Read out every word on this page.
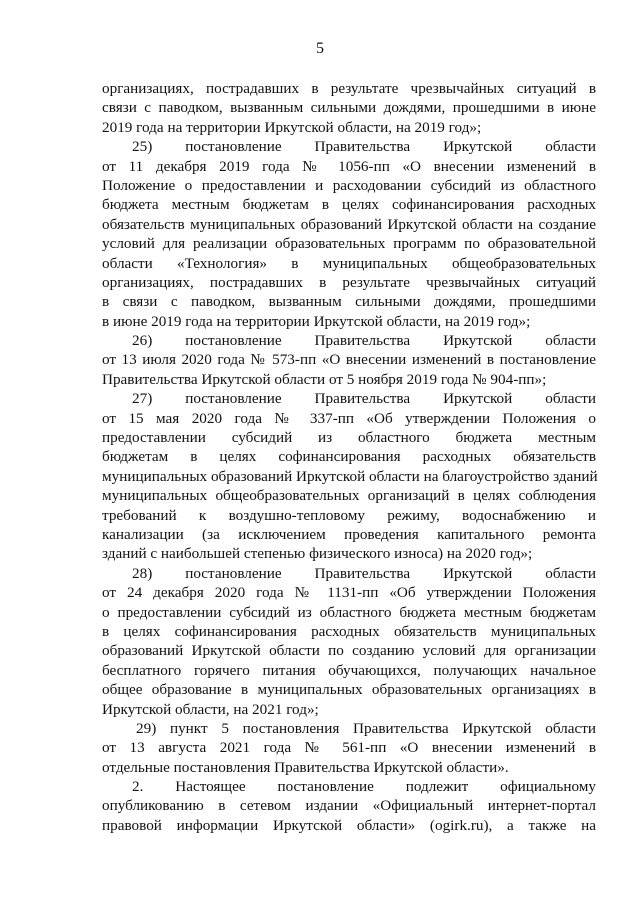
5
организациях, пострадавших в результате чрезвычайных ситуаций в
связи с паводком, вызванным сильными дождями, прошедшими в июне
2019 года на территории Иркутской области, на 2019 год»;
25) постановление Правительства Иркутской области
от 11 декабря 2019 года № 1056-пп «О внесении изменений в
Положение о предоставлении и расходовании субсидий из областного
бюджета местным бюджетам в целях софинансирования расходных
обязательств муниципальных образований Иркутской области на создание
условий для реализации образовательных программ по образовательной
области «Технология» в муниципальных общеобразовательных
организациях, пострадавших в результате чрезвычайных ситуаций
в связи с паводком, вызванным сильными дождями, прошедшими
в июне 2019 года на территории Иркутской области, на 2019 год»;
26) постановление Правительства Иркутской области
от 13 июля 2020 года № 573-пп «О внесении изменений в постановление
Правительства Иркутской области от 5 ноября 2019 года № 904-пп»;
27) постановление Правительства Иркутской области
от 15 мая 2020 года № 337-пп «Об утверждении Положения о
предоставлении субсидий из областного бюджета местным
бюджетам в целях софинансирования расходных обязательств
муниципальных образований Иркутской области на благоустройство зданий
муниципальных общеобразовательных организаций в целях соблюдения
требований к воздушно-тепловому режиму, водоснабжению и
канализации (за исключением проведения капитального ремонта
зданий с наибольшей степенью физического износа) на 2020 год»;
28) постановление Правительства Иркутской области
от 24 декабря 2020 года № 1131-пп «Об утверждении Положения
о предоставлении субсидий из областного бюджета местным бюджетам
в целях софинансирования расходных обязательств муниципальных
образований Иркутской области по созданию условий для организации
бесплатного горячего питания обучающихся, получающих начальное
общее образование в муниципальных образовательных организациях в
Иркутской области, на 2021 год»;
29) пункт 5 постановления Правительства Иркутской области
от 13 августа 2021 года № 561-пп «О внесении изменений в
отдельные постановления Правительства Иркутской области».
2. Настоящее постановление подлежит официальному
опубликованию в сетевом издании «Официальный интернет-портал
правовой информации Иркутской области» (ogirk.ru), а также на
